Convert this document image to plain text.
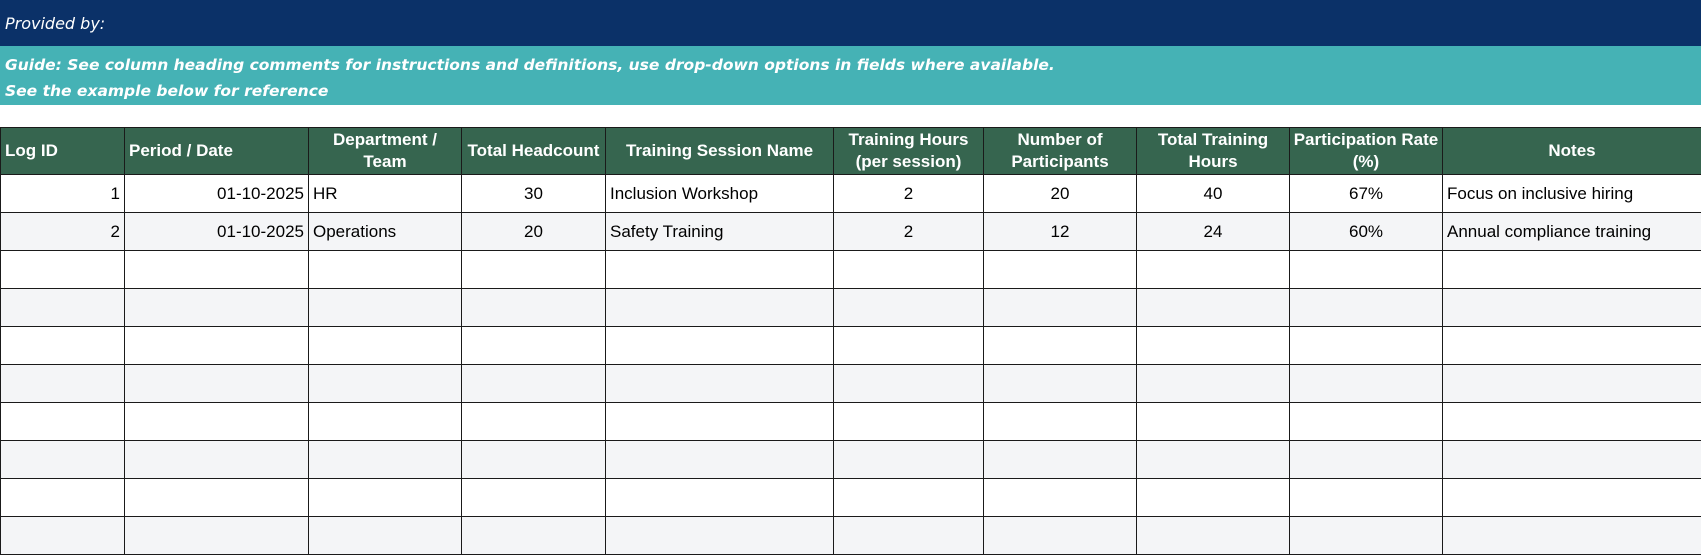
Provided by:
Guide: See column heading comments for instructions and definitions, use drop-down options in fields where available.
See the example below for reference
Log ID	Period / Date	Department / Team	Total Headcount	Training Session Name	Training Hours (per session)	Number of Participants	Total Training Hours	Participation Rate (%)	Notes
1	01-10-2025	HR	30	Inclusion Workshop	2	20	40	67%	Focus on inclusive hiring
2	01-10-2025	Operations	20	Safety Training	2	12	24	60%	Annual compliance training
